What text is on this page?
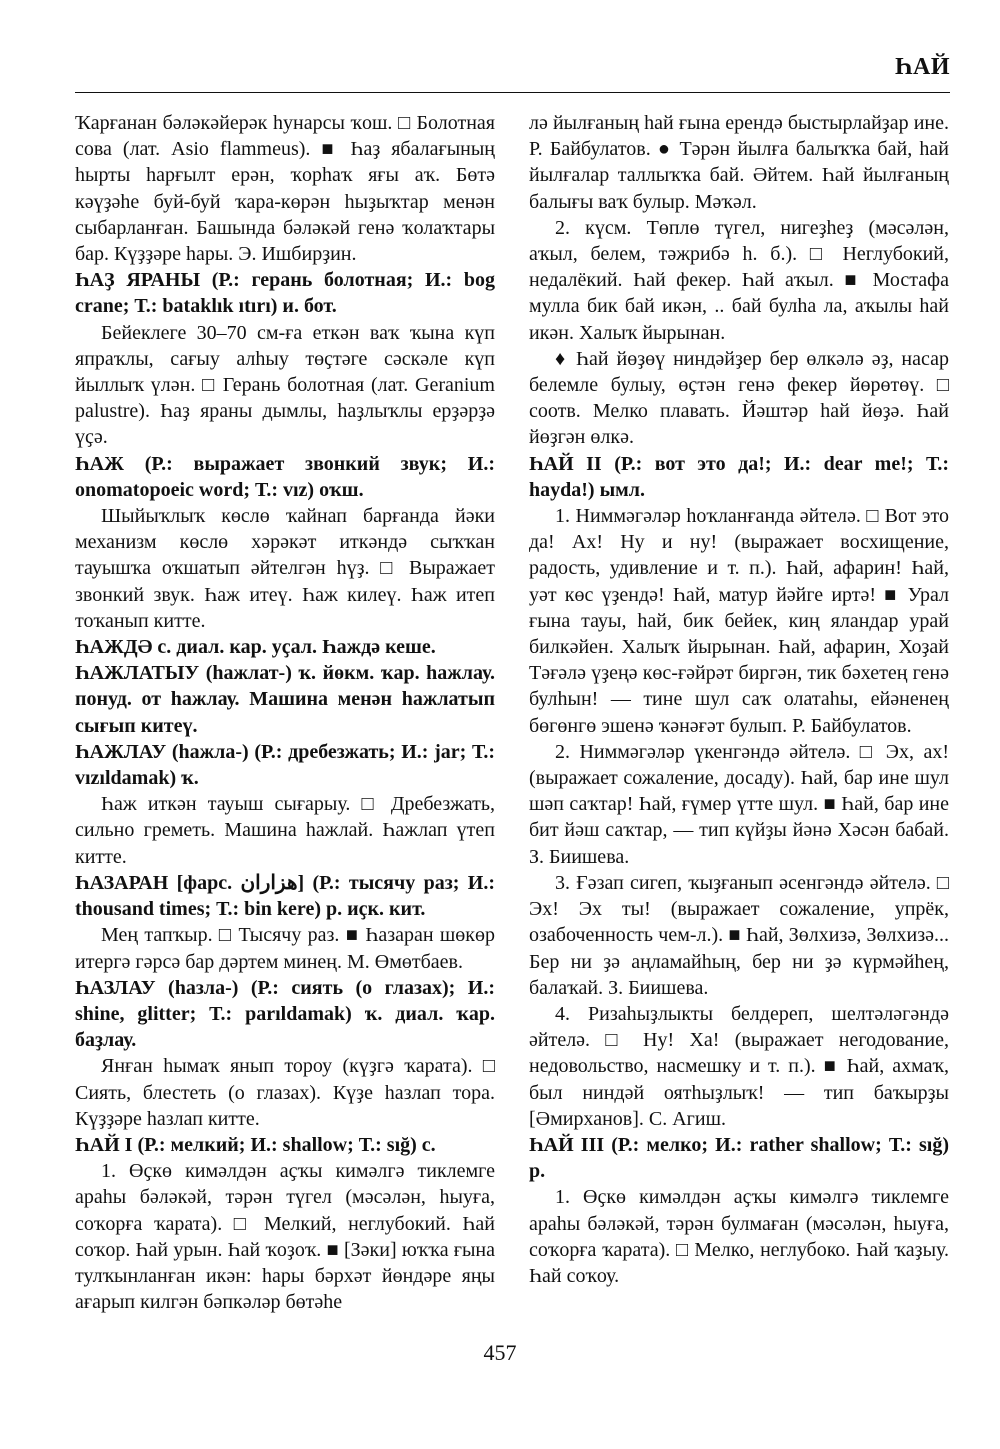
ҺАЙ

Ҡарғанан бәләкәйерәк һунарсы ҡош. □ Болотная сова (лат. Asio flammeus). ■ Һаҙ ябалағының һырты һарғылт ерән, ҡорһаҡ яғы аҡ. Бөтә кәүҙәһе буй-буй ҡара-көрән һыҙыҡтар менән сыбарланған. Башында бәләкәй генә ҡолаҡтары бар. Күҙҙәре һары. Э. Ишбирҙин.

ҺАҘ ЯРАНЫ (Р.: герань болотная; И.: bog crane; Т.: bataklık ıtırı) и. бот.

Бейеклеге 30–70 см-ға еткән ваҡ ҡына күп япраҡлы, сағыу алһыу төҫтәге сәскәле күп йыллыҡ үлән. □ Герань болотная (лат. Geranium palustre). Һаҙ яраны дымлы, һаҙлыҡлы ерҙәрҙә үҫә.

ҺАЖ (Р.: выражает звонкий звук; И.: onomatopoeic word; Т.: vız) оҡш.

Шыйыҡлыҡ көслө ҡайнап барғанда йәки механизм көслө хәрәкәт иткәндә сыҡҡан тауышҡа оҡшатып әйтелгән һүҙ. □ Выражает звонкий звук. Һаж итеү. Һаж килеү. Һаж итеп тоҡанып китте.

ҺАЖДӘ с. диал. кар. уҫал. Һаждә кеше.

ҺАЖЛАТЫУ (һажлат-) ҡ. йөкм. ҡар. һажлау. понуд. от һажлау. Машина менән һажлатып сығып китеү.

ҺАЖЛАУ (һажла-) (Р.: дребезжать; И.: jar; Т.: vızıldamak) ҡ.

Һаж иткән тауыш сығарыу. □ Дребезжать, сильно греметь. Машина һажлай. Һажлап үтеп китте.

ҺАЗАРАН [фарс. هزاران] (Р.: тысячу раз; И.: thousand times; Т.: bin kere) р. иҫк. кит.

Мең тапҡыр. □ Тысячу раз. ■ Һазаран шөкөр итергә гәрсә бар дәртем минең. М. Өмөтбаев.

ҺАЗЛАУ (һазла-) (Р.: сиять (о глазах); И.: shine, glitter; Т.: parıldamak) ҡ. диал. ҡар. баҙлау.

Янған һымаҡ янып тороу (күҙгә ҡарата). □ Сиять, блестеть (о глазах). Күҙе һазлап тора. Күҙҙәре һазлап китте.

ҺАЙ I (Р.: мелкий; И.: shallow; Т.: sığ) с.

1. Өҫкө кимәлдән аҫҡы кимәлгә тиклемге араһы бәләкәй, тәрән түгел (мәсәлән, һыуға, соҡорға ҡарата). □ Мелкий, неглубокий. Һай соҡор. Һай урын. Һай ҡоҙоҡ. ■ [Зәки] юҡҡа ғына тулҡынланған икән: һары бәрхәт йөндәре яңы ағарып килгән бәпкәләр бөтәһе

лә йылғаның һай ғына ерендә быстырлайҙар ине. Р. Байбулатов. ● Тәрән йылға балыҡҡа бай, һай йылғалар таллыҡҡа бай. Әйтем. Һай йылғаның балығы ваҡ булыр. Мәҡәл.

2. күсм. Төплө түгел, нигеҙһеҙ (мәсәлән, аҡыл, белем, тәжрибә һ. б.). □ Неглубокий, недалёкий. Һай фекер. Һай аҡыл. ■ Мостафа мулла бик бай икән, .. бай булһа ла, аҡылы һай икән. Халыҡ йырынан.

♦ Һай йөҙөү ниндәйҙер бер өлкәлә әҙ, насар белемле булыу, өҫтән генә фекер йөрөтөү. □ соотв. Мелко плавать. Йәштәр һай йөҙә. Һай йөҙгән өлкә.

ҺАЙ II (Р.: вот это да!; И.: dear me!; Т.: hayda!) ымл.

1. Ниммәгәләр һоҡланғанда әйтелә. □ Вот это да! Ах! Ну и ну! (выражает восхищение, радость, удивление и т. п.). Һай, афарин! Һай, уәт көс үҙендә! Һай, матур йәйге иртә! ■ Урал ғына тауы, һай, бик бейек, киң яландар урай билкәйен. Халыҡ йырынан. Һай, афарин, Хоҙай Тәғәлә үҙеңә көс-ғәйрәт биргән, тик бәхетең генә булһын! — тине шул саҡ олатаһы, ейәненең бөгөнгө эшенә ҡәнәғәт булып. Р. Байбулатов.

2. Ниммәгәләр үкенгәндә әйтелә. □ Эх, ах! (выражает сожаление, досаду). Һай, бар ине шул шәп саҡтар! Һай, ғүмер үтте шул. ■ Һай, бар ине бит йәш саҡтар, — тип күйҙы йәнә Хәсән бабай. З. Биишева.

3. Ғәзап сигеп, ҡыҙғанып әсенгәндә әйтелә. □ Эх! Эх ты! (выражает сожаление, упрёк, озабоченность чем-л.). ■ Һай, Зөлхизә, Зөлхизә... Бер ни ҙә аңламайһың, бер ни ҙә күрмәйһең, балаҡай. З. Биишева.

4. Ризаһыҙлыкты белдереп, шелтәләгәндә әйтелә. □ Ну! Ха! (выражает негодование, недовольство, насмешку и т. п.). ■ Һай, ахмаҡ, был ниндәй оятһыҙлыҡ! — тип баҡырҙы [Әмирханов]. С. Агиш.

ҺАЙ III (Р.: мелко; И.: rather shallow; Т.: sığ) р.

1. Өҫкө кимәлдән аҫҡы кимәлгә тиклемге араһы бәләкәй, тәрән булмаған (мәсәлән, һыуға, соҡорға ҡарата). □ Мелко, неглубоко. Һай ҡаҙыу. Һай соҡоу.

457
